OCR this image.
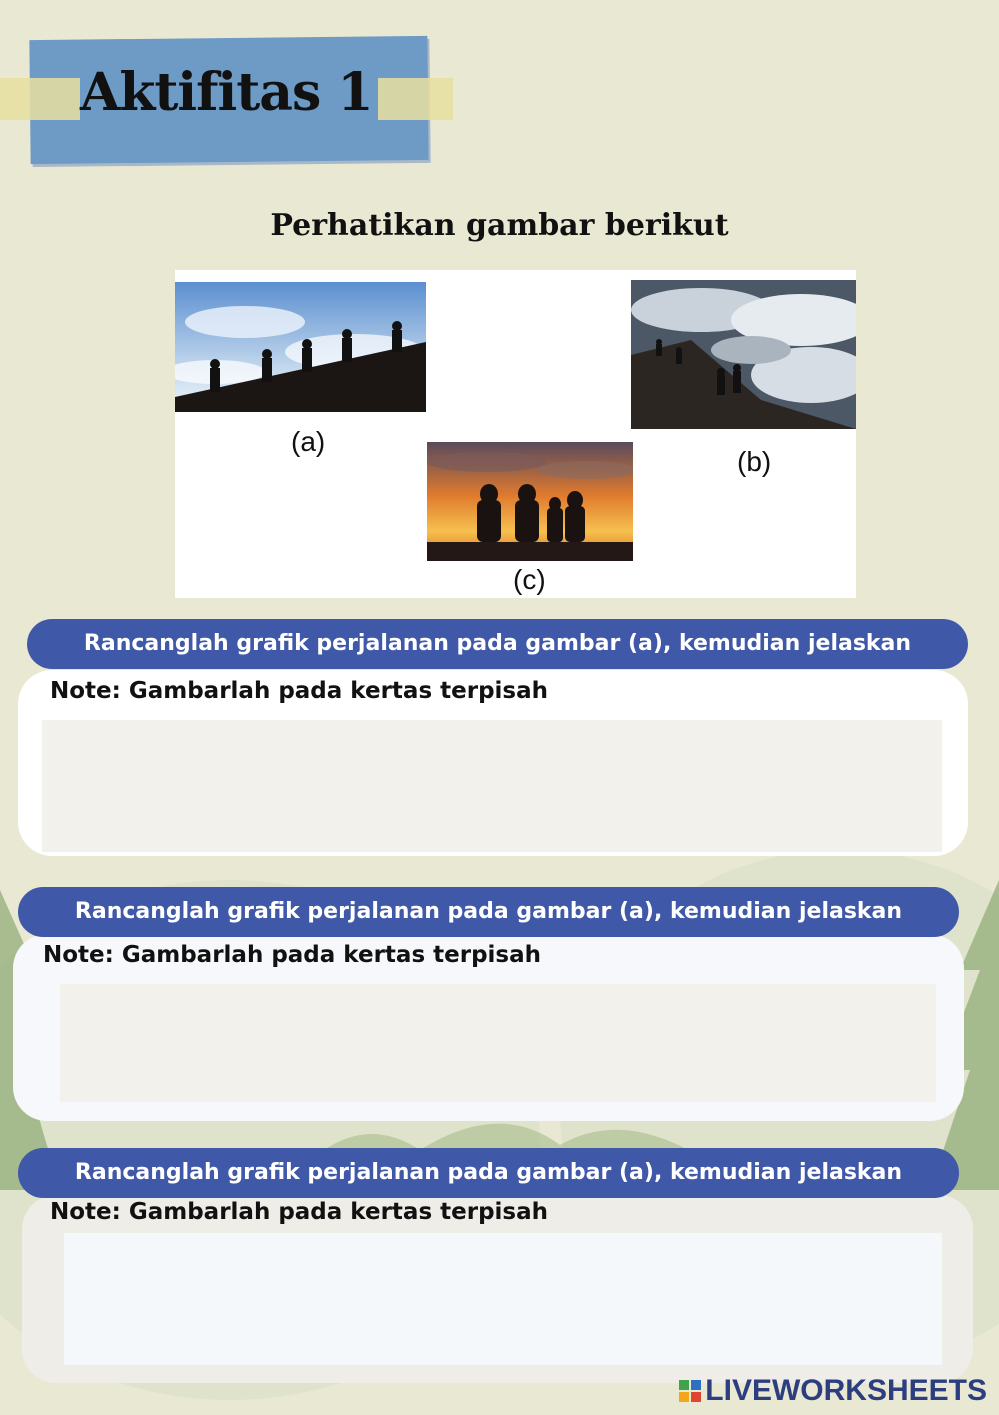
Aktifitas 1
Perhatikan gambar berikut
(a)
(b)
(c)
Note: Gambarlah pada kertas terpisah
Rancanglah grafik perjalanan pada gambar (a), kemudian jelaskan
Note: Gambarlah pada kertas terpisah
Rancanglah grafik perjalanan pada gambar (a), kemudian jelaskan
Note: Gambarlah pada kertas terpisah
Rancanglah grafik perjalanan pada gambar (a), kemudian jelaskan
LIVEWORKSHEETS
